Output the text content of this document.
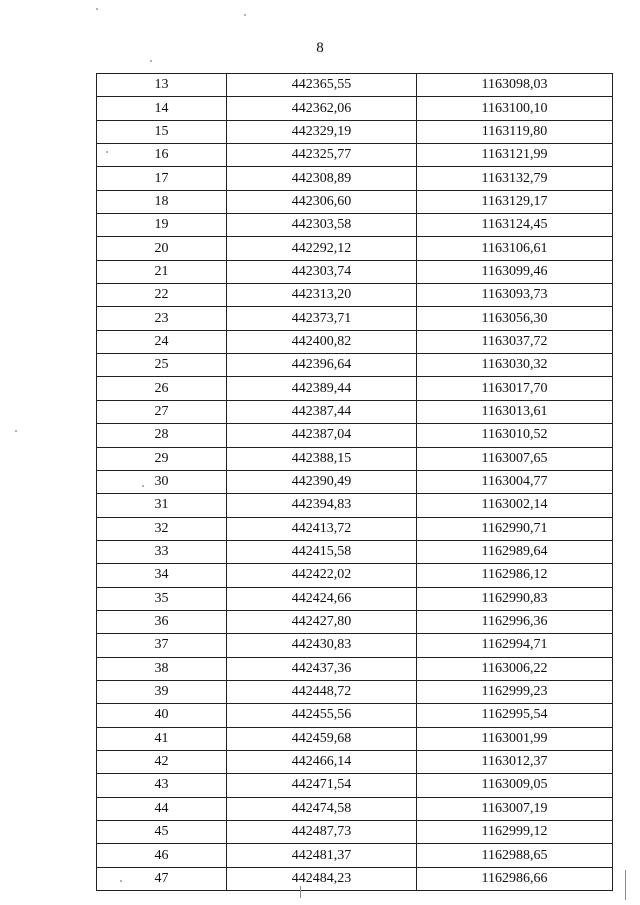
8
13	442365,55	1163098,03
14	442362,06	1163100,10
15	442329,19	1163119,80
16	442325,77	1163121,99
17	442308,89	1163132,79
18	442306,60	1163129,17
19	442303,58	1163124,45
20	442292,12	1163106,61
21	442303,74	1163099,46
22	442313,20	1163093,73
23	442373,71	1163056,30
24	442400,82	1163037,72
25	442396,64	1163030,32
26	442389,44	1163017,70
27	442387,44	1163013,61
28	442387,04	1163010,52
29	442388,15	1163007,65
30	442390,49	1163004,77
31	442394,83	1163002,14
32	442413,72	1162990,71
33	442415,58	1162989,64
34	442422,02	1162986,12
35	442424,66	1162990,83
36	442427,80	1162996,36
37	442430,83	1162994,71
38	442437,36	1163006,22
39	442448,72	1162999,23
40	442455,56	1162995,54
41	442459,68	1163001,99
42	442466,14	1163012,37
43	442471,54	1163009,05
44	442474,58	1163007,19
45	442487,73	1162999,12
46	442481,37	1162988,65
47	442484,23	1162986,66
